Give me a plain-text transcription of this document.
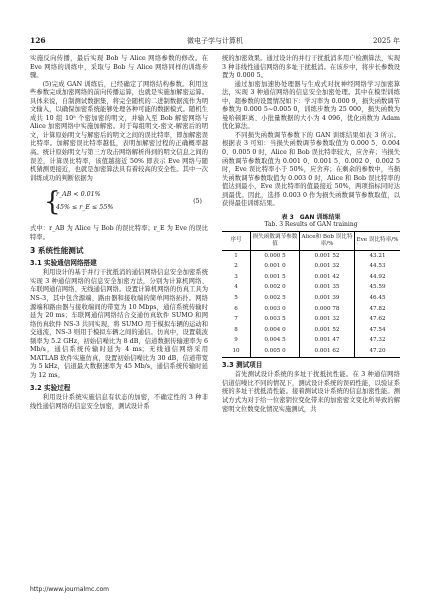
126	微电子学与计算机	2025 年

实施反向传播，最后实现 Bob 与 Alice 网络参数的修改。在 Eve 网络的训练中，采取与 Bob 与 Alice 网络同样的训练步骤。

(5)完成 GAN 训练后，已经确定了网络结构参数。利用这些参数完成加密网络的前向传播运算，也就是实施加解密运算。具体来说，自制测试数据集，将完全随机的二进制数据流作为明文输入，以确保加密系统能够处理各种可能的数据模式。随机生成共 10 组 10⁵ 个密加密的明文，并输入至 Bob 解密网络与 Alice 加密网络中实施加解密。对于每组明文-密文-解密后的明文，计算原始明文与解密后的明文之间的误比特率，即加解密误比特率。加解密误比特率越低，表明加解密过程的正确概率越高。统计原始明文与第三方攻击网络解析得到的明文信息之间的误差，计算误比特率，该值越接近 50% 即表示 Eve 网络与随机猜测更接近，也就是加密算法具有着较高的安全性。其中一次训练成功的判断依据为

{
r_AB < 0.01%
45% ≤ r_E ≤ 55%
(5)

式中：r_AB 为 Alice 与 Bob 的误比特率；r_E 为 Eve 的误比特率。

3 系统性能测试
3.1 实验通信网络搭建

利用设计的基于并行干扰抵消的通信网络信息安全加密系统实现 3 种通信网络的信息安全加密方法，分别为计算机网络、车联网通信网络、无线通信网络。设置计算机网络的仿真工具为 NS-3，其中包含源端、路由器和接收端的简单网络拓扑。网络源端和路由器与接收端间的带宽为 10 Mbps，通信系统传输时延为 20 ms；车联网通信网络结合交通仿真软件 SUMO 和网络仿真软件 NS-3 共同实现，将 SUMO 用于模拟车辆的运动和交通流，NS-3 则用于模拟车辆之间的通信。仿真中，设置载波频率为 5.2 GHz，初始信噪比为 8 dB，信道数据传输速率为 6 Mb/s，通信系统传输时延为 4 ms；无线通信网络采用 MATLAB 软件实施仿真，设置初始信噪比为 30 dB，信道带宽为 5 kHz，信道最大数据速率为 45 Mb/s，通信系统传输时延为 12 ms。

3.2 实验过程

利用设计系统实施信息有状态的加密，不确定性的 3 种非线性通信网络的信息安全加密，测试设计系

统的加密效果。通过设计的并行干扰抵消多用户检测算法，实现 3 种非线性通信网络的多址干扰抵消。在该步中，将步长参数设置为 0.000 5。

通过加密加速协处理器与生成式对抗神经网络学习加密算法，实现 3 种通信网络的信息安全加密处理。其中在模型训练中，超参数的设置情况如下：学习率为 0.000 9，损失函数调节参数为 0.000 5~0.005 0，训练步数为 25 000，损失函数为曼哈顿距离、小批量数据的大小为 4 096，优化函数为 Adam 优化算法。

不同损失函数调节参数下的 GAN 训练结果如表 3 所示。根据表 3 可知：当损失函数调节参数取值为 0.000 5、0.004 0、0.005 0 时，Alice 和 Bob 误比特率较大，应舍弃；当损失函数调节参数取值为 0.001 0、0.001 5、0.002 0、0.002 5 时，Eve 误比特率小于 50%，应舍弃；在剩余的参数中，当损失函数调节参数取值为 0.003 0 时，Alice 和 Bob 误比特率的值达到最小，Eve 误比特率的值最接近 50%，两项指标同时达到最优。因此，选择 0.003 0 作为损失函数调节参数取值，以获得最佳训练结果。

表 3　GAN 训练结果
Tab. 3 Results of GAN training
序号	损失函数调节参数值	Alice和 Bob 误比特率/%	Eve 误比特率/%
1	0.000 5	0.001 52	43.21
2	0.001 0	0.001 32	44.53
3	0.001 5	0.001 42	44.92
4	0.002 0	0.001 35	45.59
5	0.002 5	0.001 39	46.45
6	0.003 0	0.000 78	47.82
7	0.003 5	0.001 32	47.62
8	0.004 0	0.001 52	47.54
9	0.004 5	0.001 47	47.32
10	0.005 0	0.001 62	47.20
3.3 测试项目

首先测试设计系统的多址干扰抵抗性能。在 3 种通信网络信道信噪比不同的情况下，测试设计系统的误码性能，以验证系统的多址干扰抵消性能。接着测试设计系统的信息加密性能。测试方式为对于给一位密钥位变化带来的加密密文变化所导致的解密明文位数变化情况实施测试，共

http://www.journalmc.com
